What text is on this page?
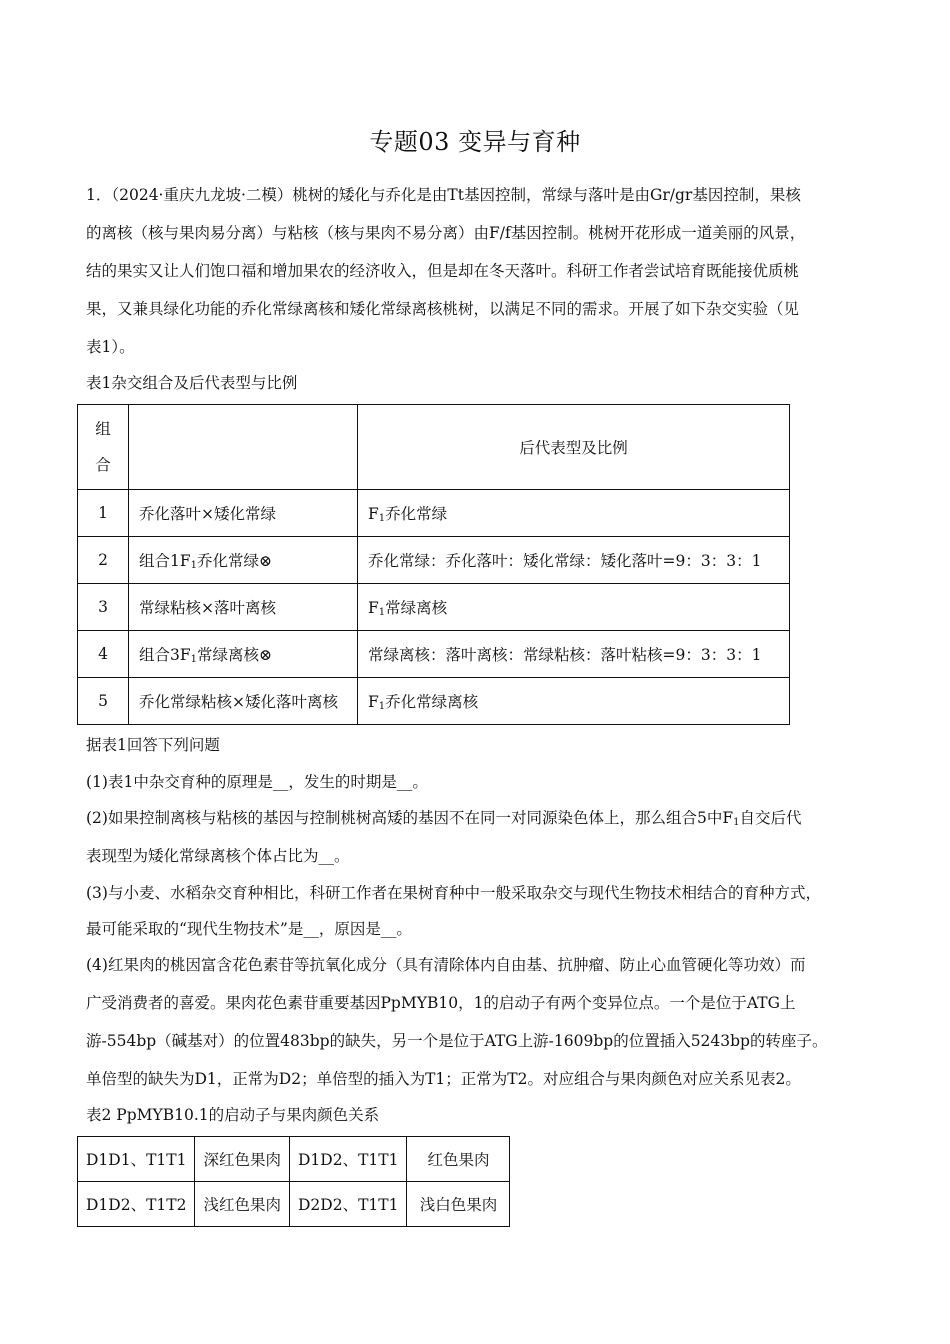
专题03 变异与育种
1．（2024·重庆九龙坡·二模）桃树的矮化与乔化是由Tt基因控制，常绿与落叶是由Gr/gr基因控制，果核
的离核（核与果肉易分离）与粘核（核与果肉不易分离）由F/f基因控制。桃树开花形成一道美丽的风景，
结的果实又让人们饱口福和增加果农的经济收入，但是却在冬天落叶。科研工作者尝试培育既能接优质桃
果，又兼具绿化功能的乔化常绿离核和矮化常绿离核桃树，以满足不同的需求。开展了如下杂交实验（见
表1）。
表1杂交组合及后代表型与比例
组
合		后代表型及比例
1	乔化落叶×矮化常绿	$F_1$乔化常绿
2	组合$1F_1$乔化常绿⊗	乔化常绿：乔化落叶：矮化常绿：矮化落叶=9：3：3：1
3	常绿粘核×落叶离核	$F_1$常绿离核
4	组合$3F_1$常绿离核⊗	常绿离核：落叶离核：常绿粘核：落叶粘核=9：3：3：1
5	乔化常绿粘核×矮化落叶离核	$F_1$乔化常绿离核
据表1回答下列问题
(1)表1中杂交育种的原理是__，发生的时期是__。
(2)如果控制离核与粘核的基因与控制桃树高矮的基因不在同一对同源染色体上，那么组合5中$F_1$自交后代
表现型为矮化常绿离核个体占比为__。
(3)与小麦、水稻杂交育种相比，科研工作者在果树育种中一般采取杂交与现代生物技术相结合的育种方式，
最可能采取的“现代生物技术”是__，原因是__。
(4)红果肉的桃因富含花色素苷等抗氧化成分（具有清除体内自由基、抗肿瘤、防止心血管硬化等功效）而
广受消费者的喜爱。果肉花色素苷重要基因PpMYB10，1的启动子有两个变异位点。一个是位于ATG上
游-554bp（碱基对）的位置483bp的缺失，另一个是位于ATG上游-1609bp的位置插入5243bp的转座子。
单倍型的缺失为D1，正常为D2；单倍型的插入为T1；正常为T2。对应组合与果肉颜色对应关系见表2。
表2 PpMYB10.1的启动子与果肉颜色关系
D1D1、T1T1	深红色果肉	D1D2、T1T1	红色果肉
D1D2、T1T2	浅红色果肉	D2D2、T1T1	浅白色果肉
